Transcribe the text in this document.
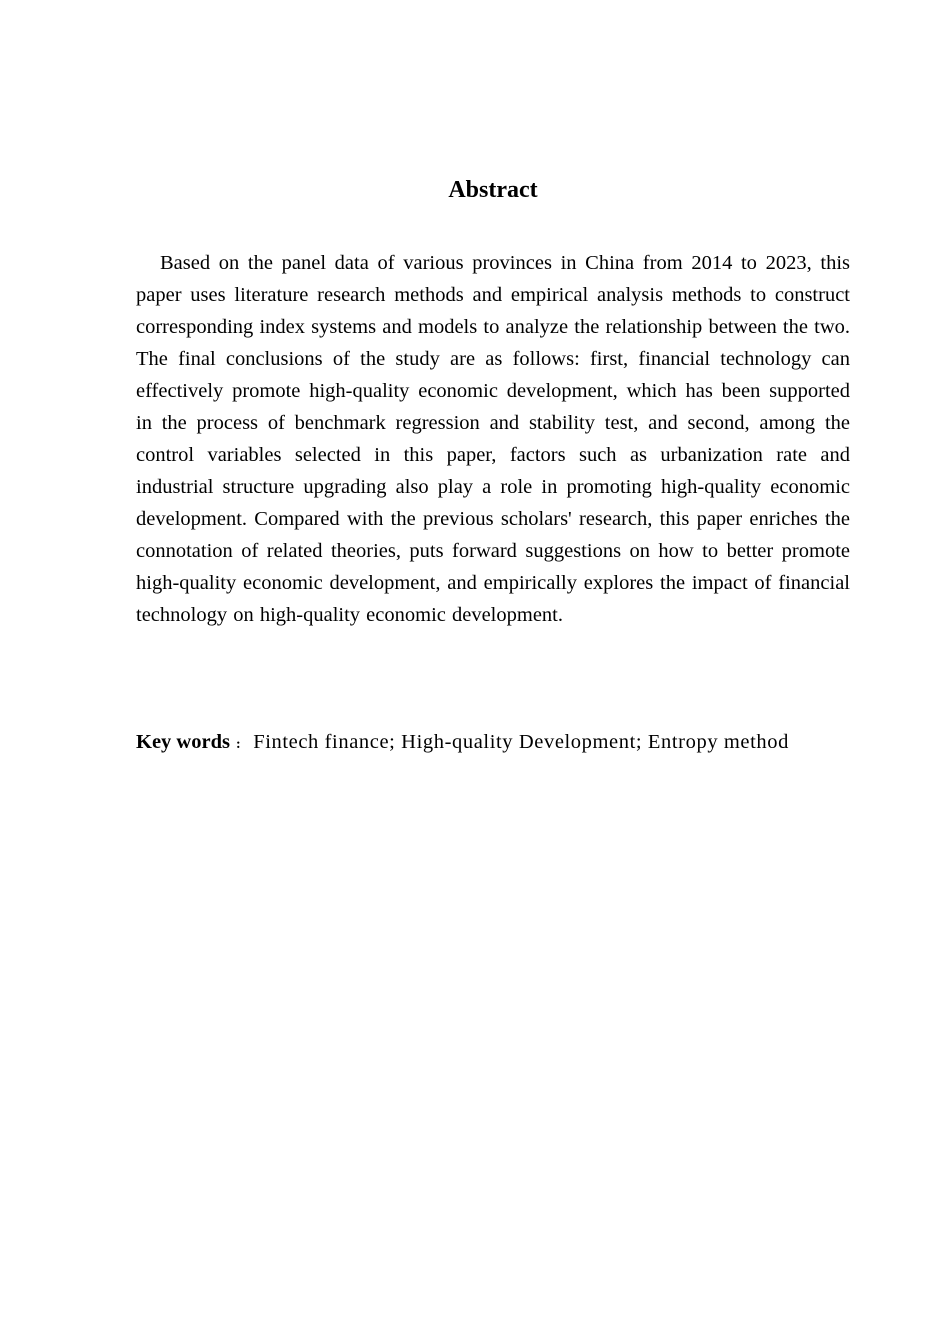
Abstract

Based on the panel data of various provinces in China from 2014 to 2023, this paper uses literature research methods and empirical analysis methods to construct corresponding index systems and models to analyze the relationship between the two. The final conclusions of the study are as follows: first, financial technology can effectively promote high-quality economic development, which has been supported in the process of benchmark regression and stability test, and second, among the control variables selected in this paper, factors such as urbanization rate and industrial structure upgrading also play a role in promoting high-quality economic development. Compared with the previous scholars' research, this paper enriches the connotation of related theories, puts forward suggestions on how to better promote high-quality economic development, and empirically explores the impact of financial technology on high-quality economic development.

Key words : Fintech finance; High-quality Development; Entropy method
